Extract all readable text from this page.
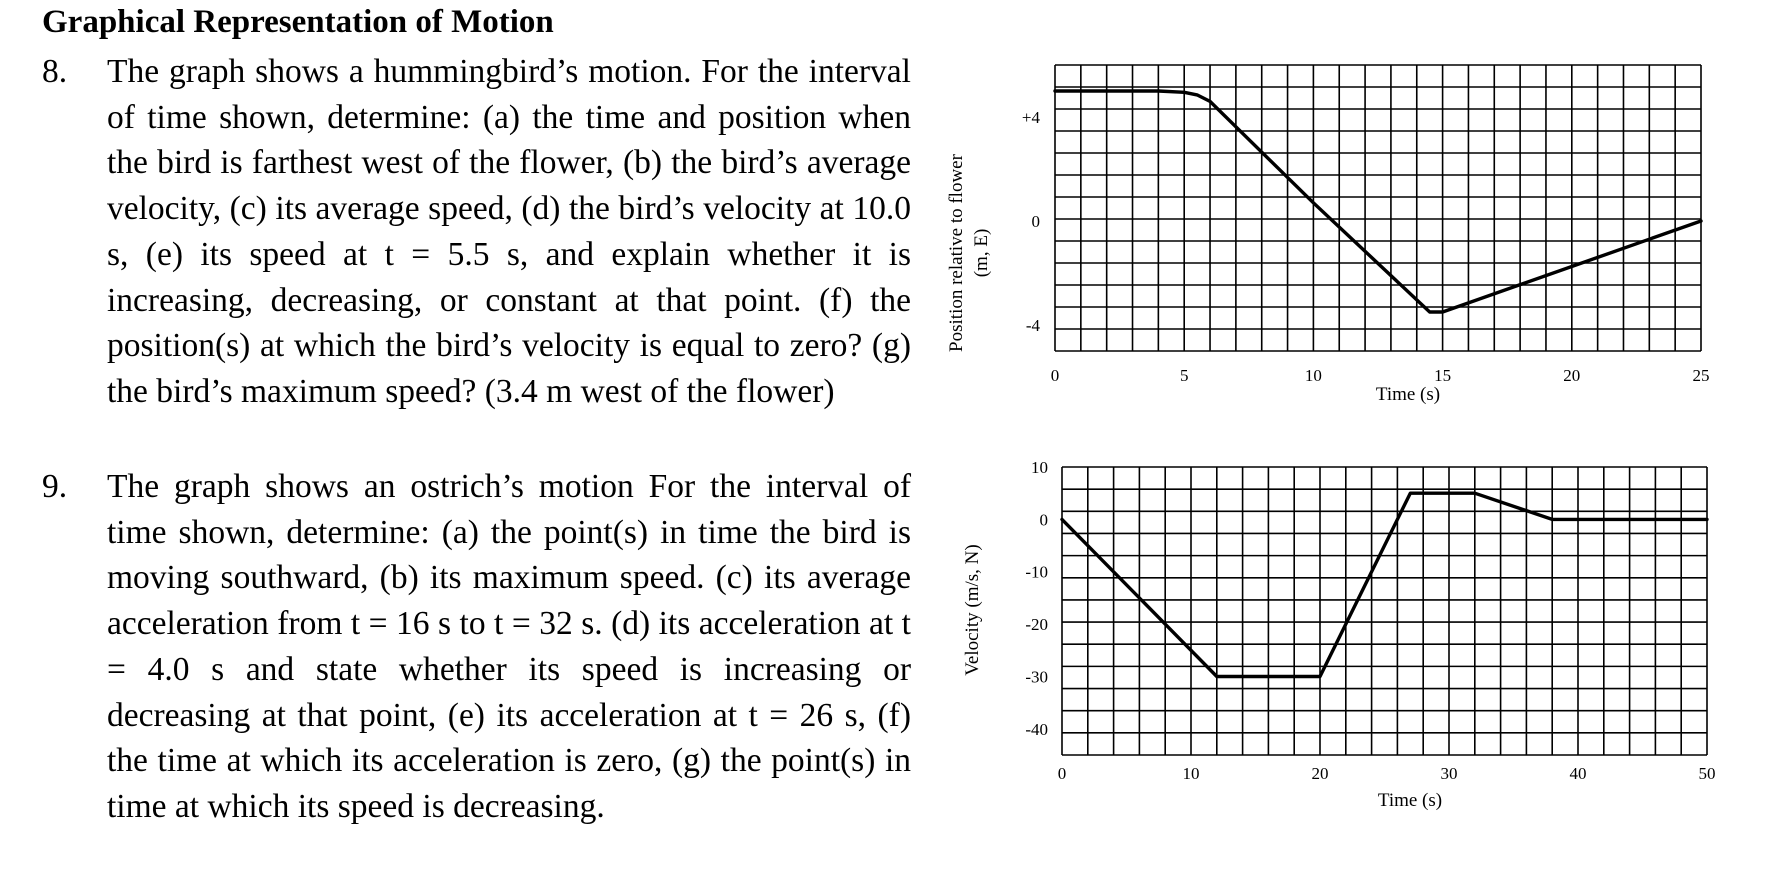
Graphical Representation of Motion
8. The graph shows a hummingbird’s motion. For the interval of time shown, determine: (a) the time and position when the bird is farthest west of the flower, (b) the bird’s average velocity, (c) its average speed, (d) the bird’s velocity at 10.0 s, (e) its speed at t = 5.5 s, and explain whether it is increasing, decreasing, or constant at that point. (f) the position(s) at which the bird’s velocity is equal to zero? (g) the bird’s maximum speed? (3.4 m west of the flower)
9. The graph shows an ostrich’s motion For the interval of time shown, determine: (a) the point(s) in time the bird is moving southward, (b) its maximum speed. (c) its average acceleration from t = 16 s to t = 32 s. (d) its acceleration at t = 4.0 s and state whether its speed is increasing or decreasing at that point, (e) its acceleration at t = 26 s, (f) the time at which its acceleration is zero, (g) the point(s) in time at which its speed is decreasing.
0	5	10	15	20	25
+4
0
-4
Time (s)
Position relative to flower (m, E)
0	10	20	30	40	50
10
0
-10
-20
-30
-40
Time (s)
Velocity (m/s, N)
